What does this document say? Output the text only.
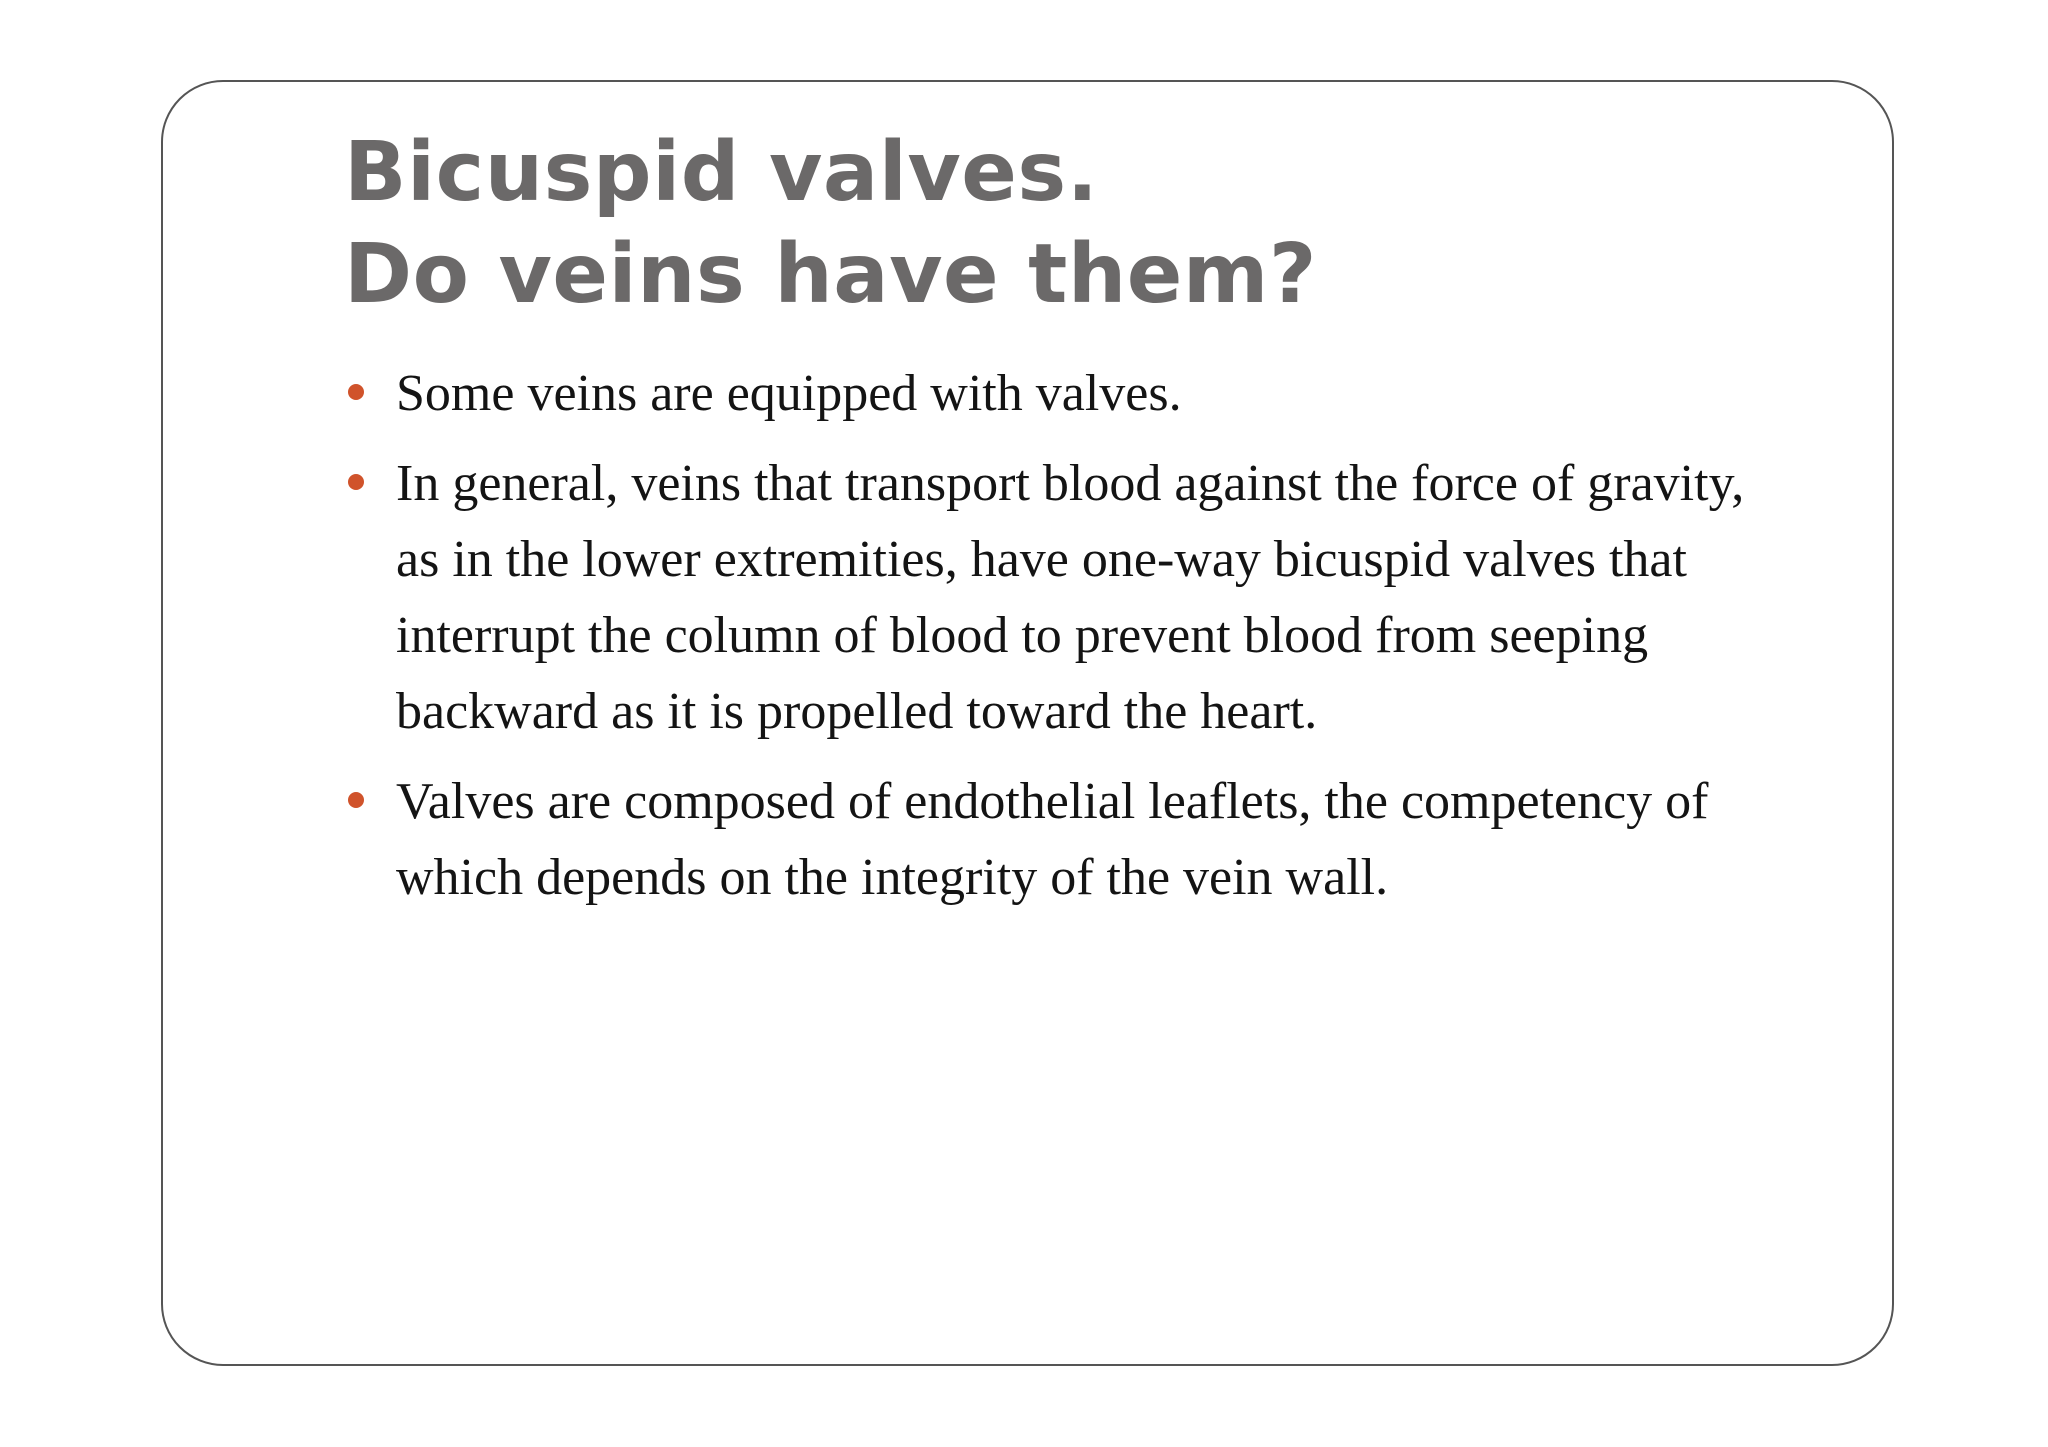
Bicuspid valves.
Do veins have them?
Some veins are equipped with valves.
In general, veins that transport blood against the force of gravity, as in the lower extremities, have one-way bicuspid valves that interrupt the column of blood to prevent blood from seeping backward as it is propelled toward the heart.
Valves are composed of endothelial leaflets, the competency of which depends on the integrity of the vein wall.
